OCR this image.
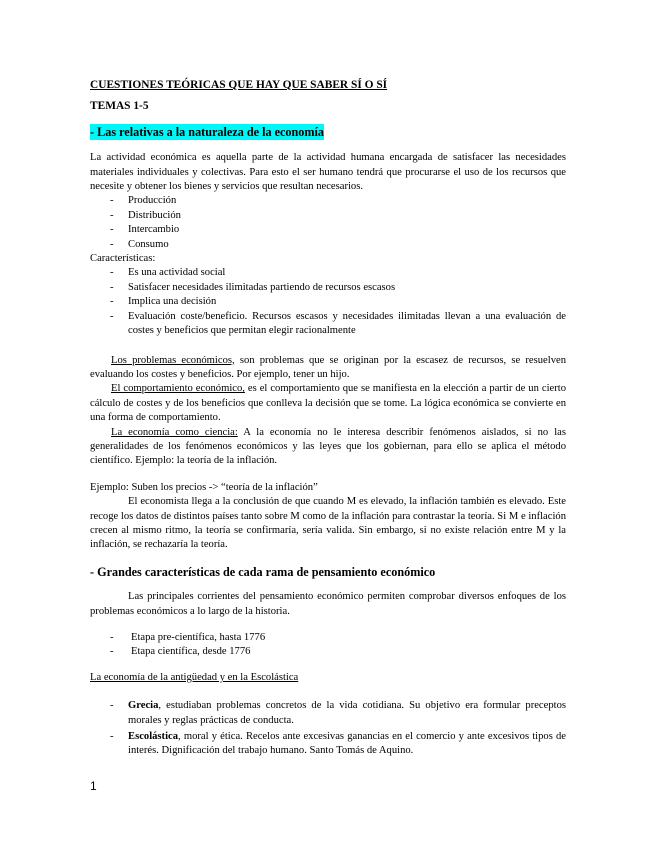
CUESTIONES TEÓRICAS QUE HAY QUE SABER SÍ O SÍ

TEMAS 1-5

- Las relativas a la naturaleza de la economía

La actividad económica es aquella parte de la actividad humana encargada de satisfacer las necesidades materiales individuales y colectivas. Para esto el ser humano tendrá que procurarse el uso de los recursos que necesite y obtener los bienes y servicios que resultan necesarios.

- Producción
- Distribución
- Intercambio
- Consumo

Características:

- Es una actividad social
- Satisfacer necesidades ilimitadas partiendo de recursos escasos
- Implica una decisión
- Evaluación coste/beneficio. Recursos escasos y necesidades ilimitadas llevan a una evaluación de costes y beneficios que permitan elegir racionalmente

Los problemas económicos, son problemas que se originan por la escasez de recursos, se resuelven evaluando los costes y beneficios. Por ejemplo, tener un hijo.

El comportamiento económico, es el comportamiento que se manifiesta en la elección a partir de un cierto cálculo de costes y de los beneficios que conlleva la decisión que se tome. La lógica económica se convierte en una forma de comportamiento.

La economía como ciencia: A la economía no le interesa describir fenómenos aislados, si no las generalidades de los fenómenos económicos y las leyes que los gobiernan, para ello se aplica el método científico. Ejemplo: la teoría de la inflación.

Ejemplo: Suben los precios -> “teoría de la inflación”

El economista llega a la conclusión de que cuando M es elevado, la inflación también es elevado. Este recoge los datos de distintos países tanto sobre M como de la inflación para contrastar la teoría. Si M e inflación crecen al mismo ritmo, la teoría se confirmaría, sería valida. Sin embargo, si no existe relación entre M y la inflación, se rechazaría la teoría.

- Grandes características de cada rama de pensamiento económico

Las principales corrientes del pensamiento económico permiten comprobar diversos enfoques de los problemas económicos a lo largo de la historia.

- Etapa pre-científica, hasta 1776
- Etapa científica, desde 1776

La economía de la antigüedad y en la Escolástica

- Grecia, estudiaban problemas concretos de la vida cotidiana. Su objetivo era formular preceptos morales y reglas prácticas de conducta.
- Escolástica, moral y ética. Recelos ante excesivas ganancias en el comercio y ante excesivos tipos de interés. Dignificación del trabajo humano. Santo Tomás de Aquino.
1
